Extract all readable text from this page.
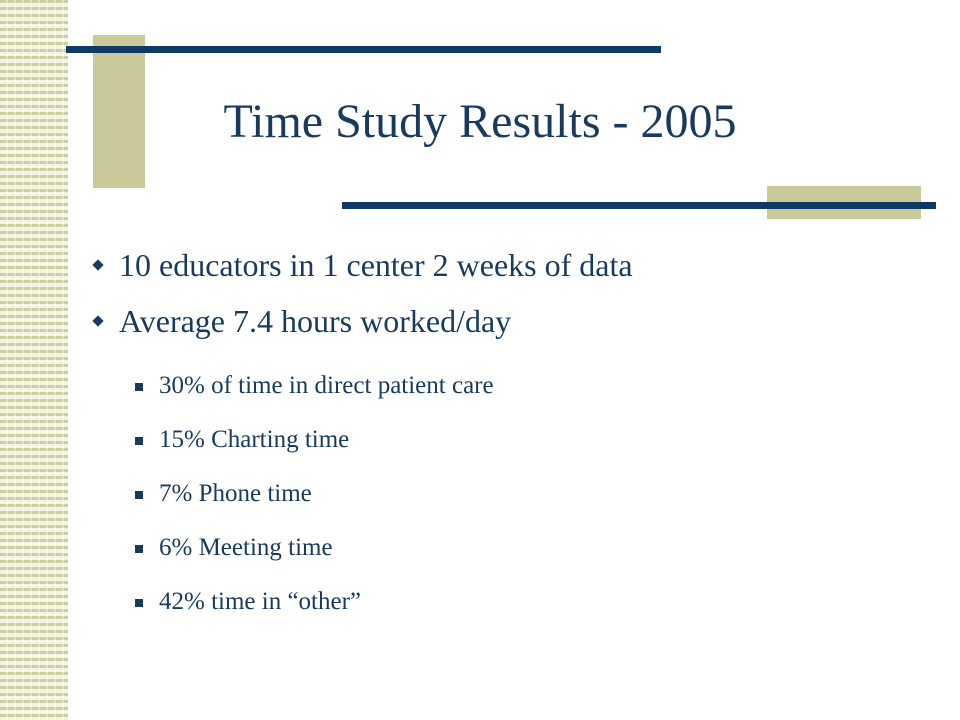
Time Study Results - 2005
10 educators in 1 center 2 weeks of data
Average 7.4 hours worked/day
30% of time in direct patient care
15% Charting time
7% Phone time
6% Meeting time
42% time in “other”
